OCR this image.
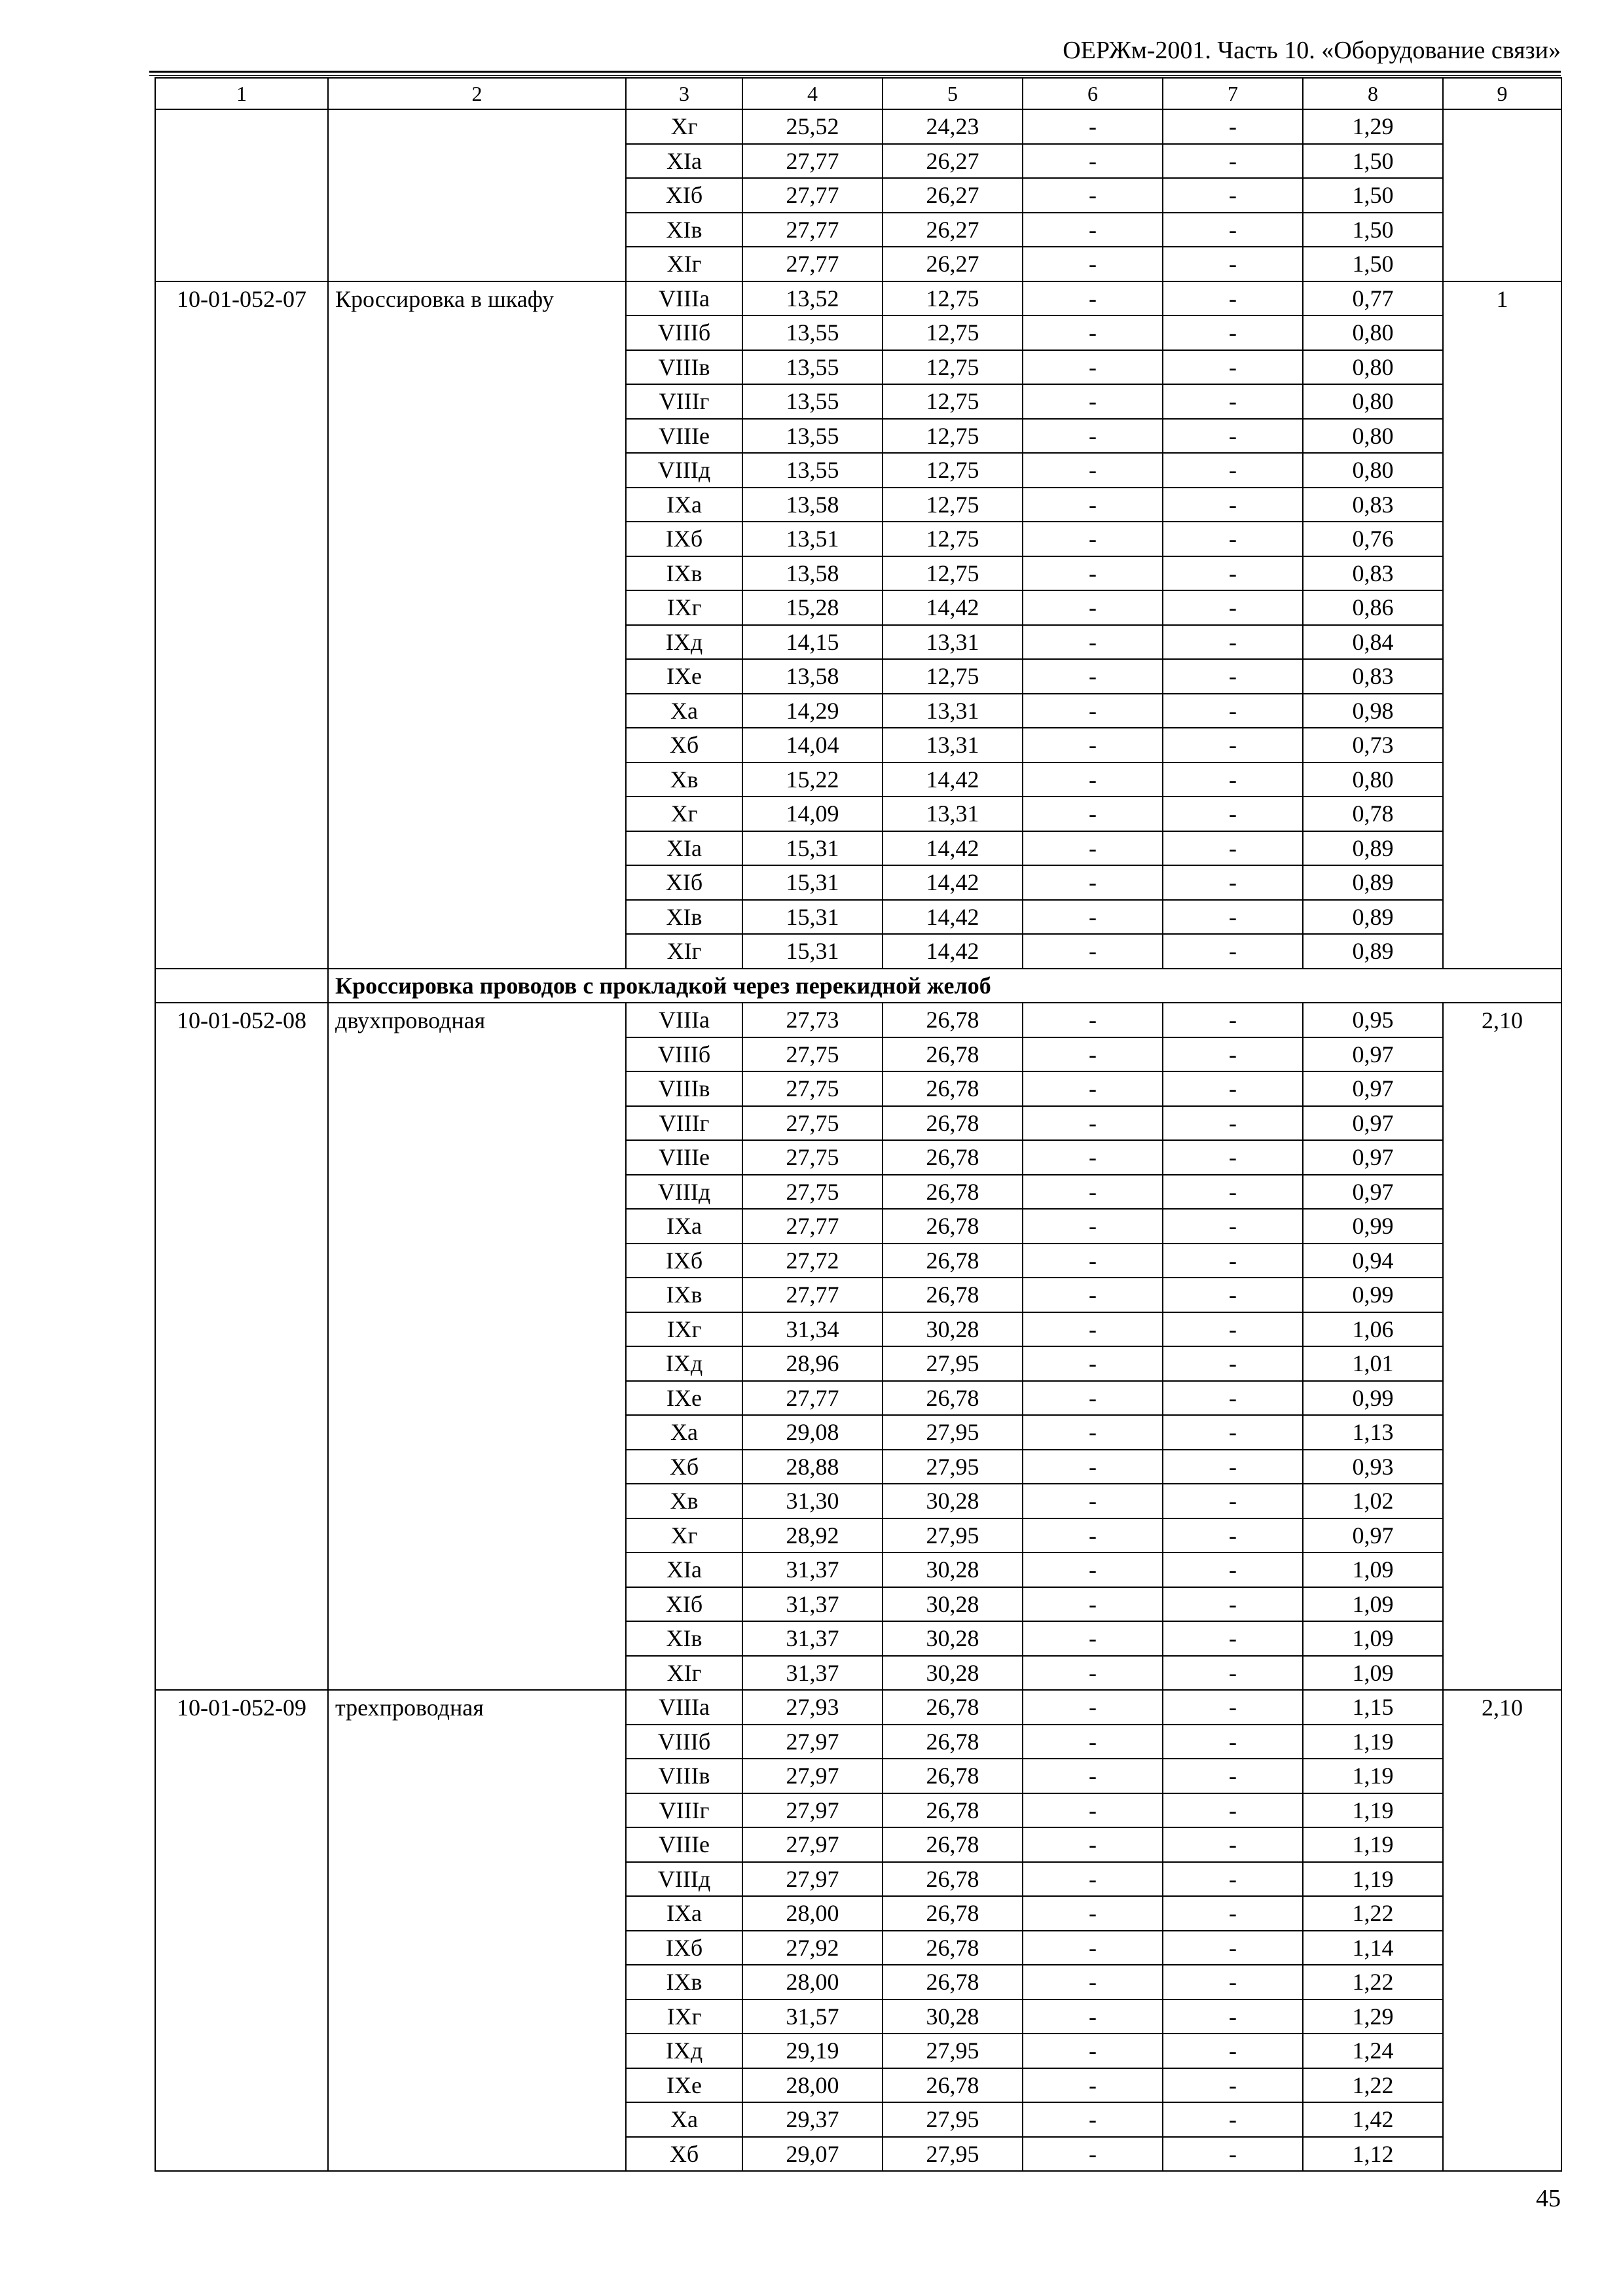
ОЕРЖм-2001. Часть 10. «Оборудование связи»
1	2	3	4	5	6	7	8	9
		Xг	25,52	24,23	-	-	1,29	
		XIа	27,77	26,27	-	-	1,50	
		XIб	27,77	26,27	-	-	1,50	
		XIв	27,77	26,27	-	-	1,50	
		XIг	27,77	26,27	-	-	1,50	
10-01-052-07	Кроссировка в шкафу	VIIIа	13,52	12,75	-	-	0,77	1
		VIIIб	13,55	12,75	-	-	0,80	
		VIIIв	13,55	12,75	-	-	0,80	
		VIIIг	13,55	12,75	-	-	0,80	
		VIIIе	13,55	12,75	-	-	0,80	
		VIIIд	13,55	12,75	-	-	0,80	
		IXа	13,58	12,75	-	-	0,83	
		IXб	13,51	12,75	-	-	0,76	
		IXв	13,58	12,75	-	-	0,83	
		IXг	15,28	14,42	-	-	0,86	
		IXд	14,15	13,31	-	-	0,84	
		IXе	13,58	12,75	-	-	0,83	
		Xа	14,29	13,31	-	-	0,98	
		Xб	14,04	13,31	-	-	0,73	
		Xв	15,22	14,42	-	-	0,80	
		Xг	14,09	13,31	-	-	0,78	
		XIа	15,31	14,42	-	-	0,89	
		XIб	15,31	14,42	-	-	0,89	
		XIв	15,31	14,42	-	-	0,89	
		XIг	15,31	14,42	-	-	0,89	
	Кроссировка проводов с прокладкой через перекидной желоб							
10-01-052-08	двухпроводная	VIIIа	27,73	26,78	-	-	0,95	2,10
		VIIIб	27,75	26,78	-	-	0,97	
		VIIIв	27,75	26,78	-	-	0,97	
		VIIIг	27,75	26,78	-	-	0,97	
		VIIIе	27,75	26,78	-	-	0,97	
		VIIIд	27,75	26,78	-	-	0,97	
		IXа	27,77	26,78	-	-	0,99	
		IXб	27,72	26,78	-	-	0,94	
		IXв	27,77	26,78	-	-	0,99	
		IXг	31,34	30,28	-	-	1,06	
		IXд	28,96	27,95	-	-	1,01	
		IXе	27,77	26,78	-	-	0,99	
		Xа	29,08	27,95	-	-	1,13	
		Xб	28,88	27,95	-	-	0,93	
		Xв	31,30	30,28	-	-	1,02	
		Xг	28,92	27,95	-	-	0,97	
		XIа	31,37	30,28	-	-	1,09	
		XIб	31,37	30,28	-	-	1,09	
		XIв	31,37	30,28	-	-	1,09	
		XIг	31,37	30,28	-	-	1,09	
10-01-052-09	трехпроводная	VIIIа	27,93	26,78	-	-	1,15	2,10
		VIIIб	27,97	26,78	-	-	1,19	
		VIIIв	27,97	26,78	-	-	1,19	
		VIIIг	27,97	26,78	-	-	1,19	
		VIIIе	27,97	26,78	-	-	1,19	
		VIIIд	27,97	26,78	-	-	1,19	
		IXа	28,00	26,78	-	-	1,22	
		IXб	27,92	26,78	-	-	1,14	
		IXв	28,00	26,78	-	-	1,22	
		IXг	31,57	30,28	-	-	1,29	
		IXд	29,19	27,95	-	-	1,24	
		IXе	28,00	26,78	-	-	1,22	
		Xа	29,37	27,95	-	-	1,42	
		Xб	29,07	27,95	-	-	1,12	
45
